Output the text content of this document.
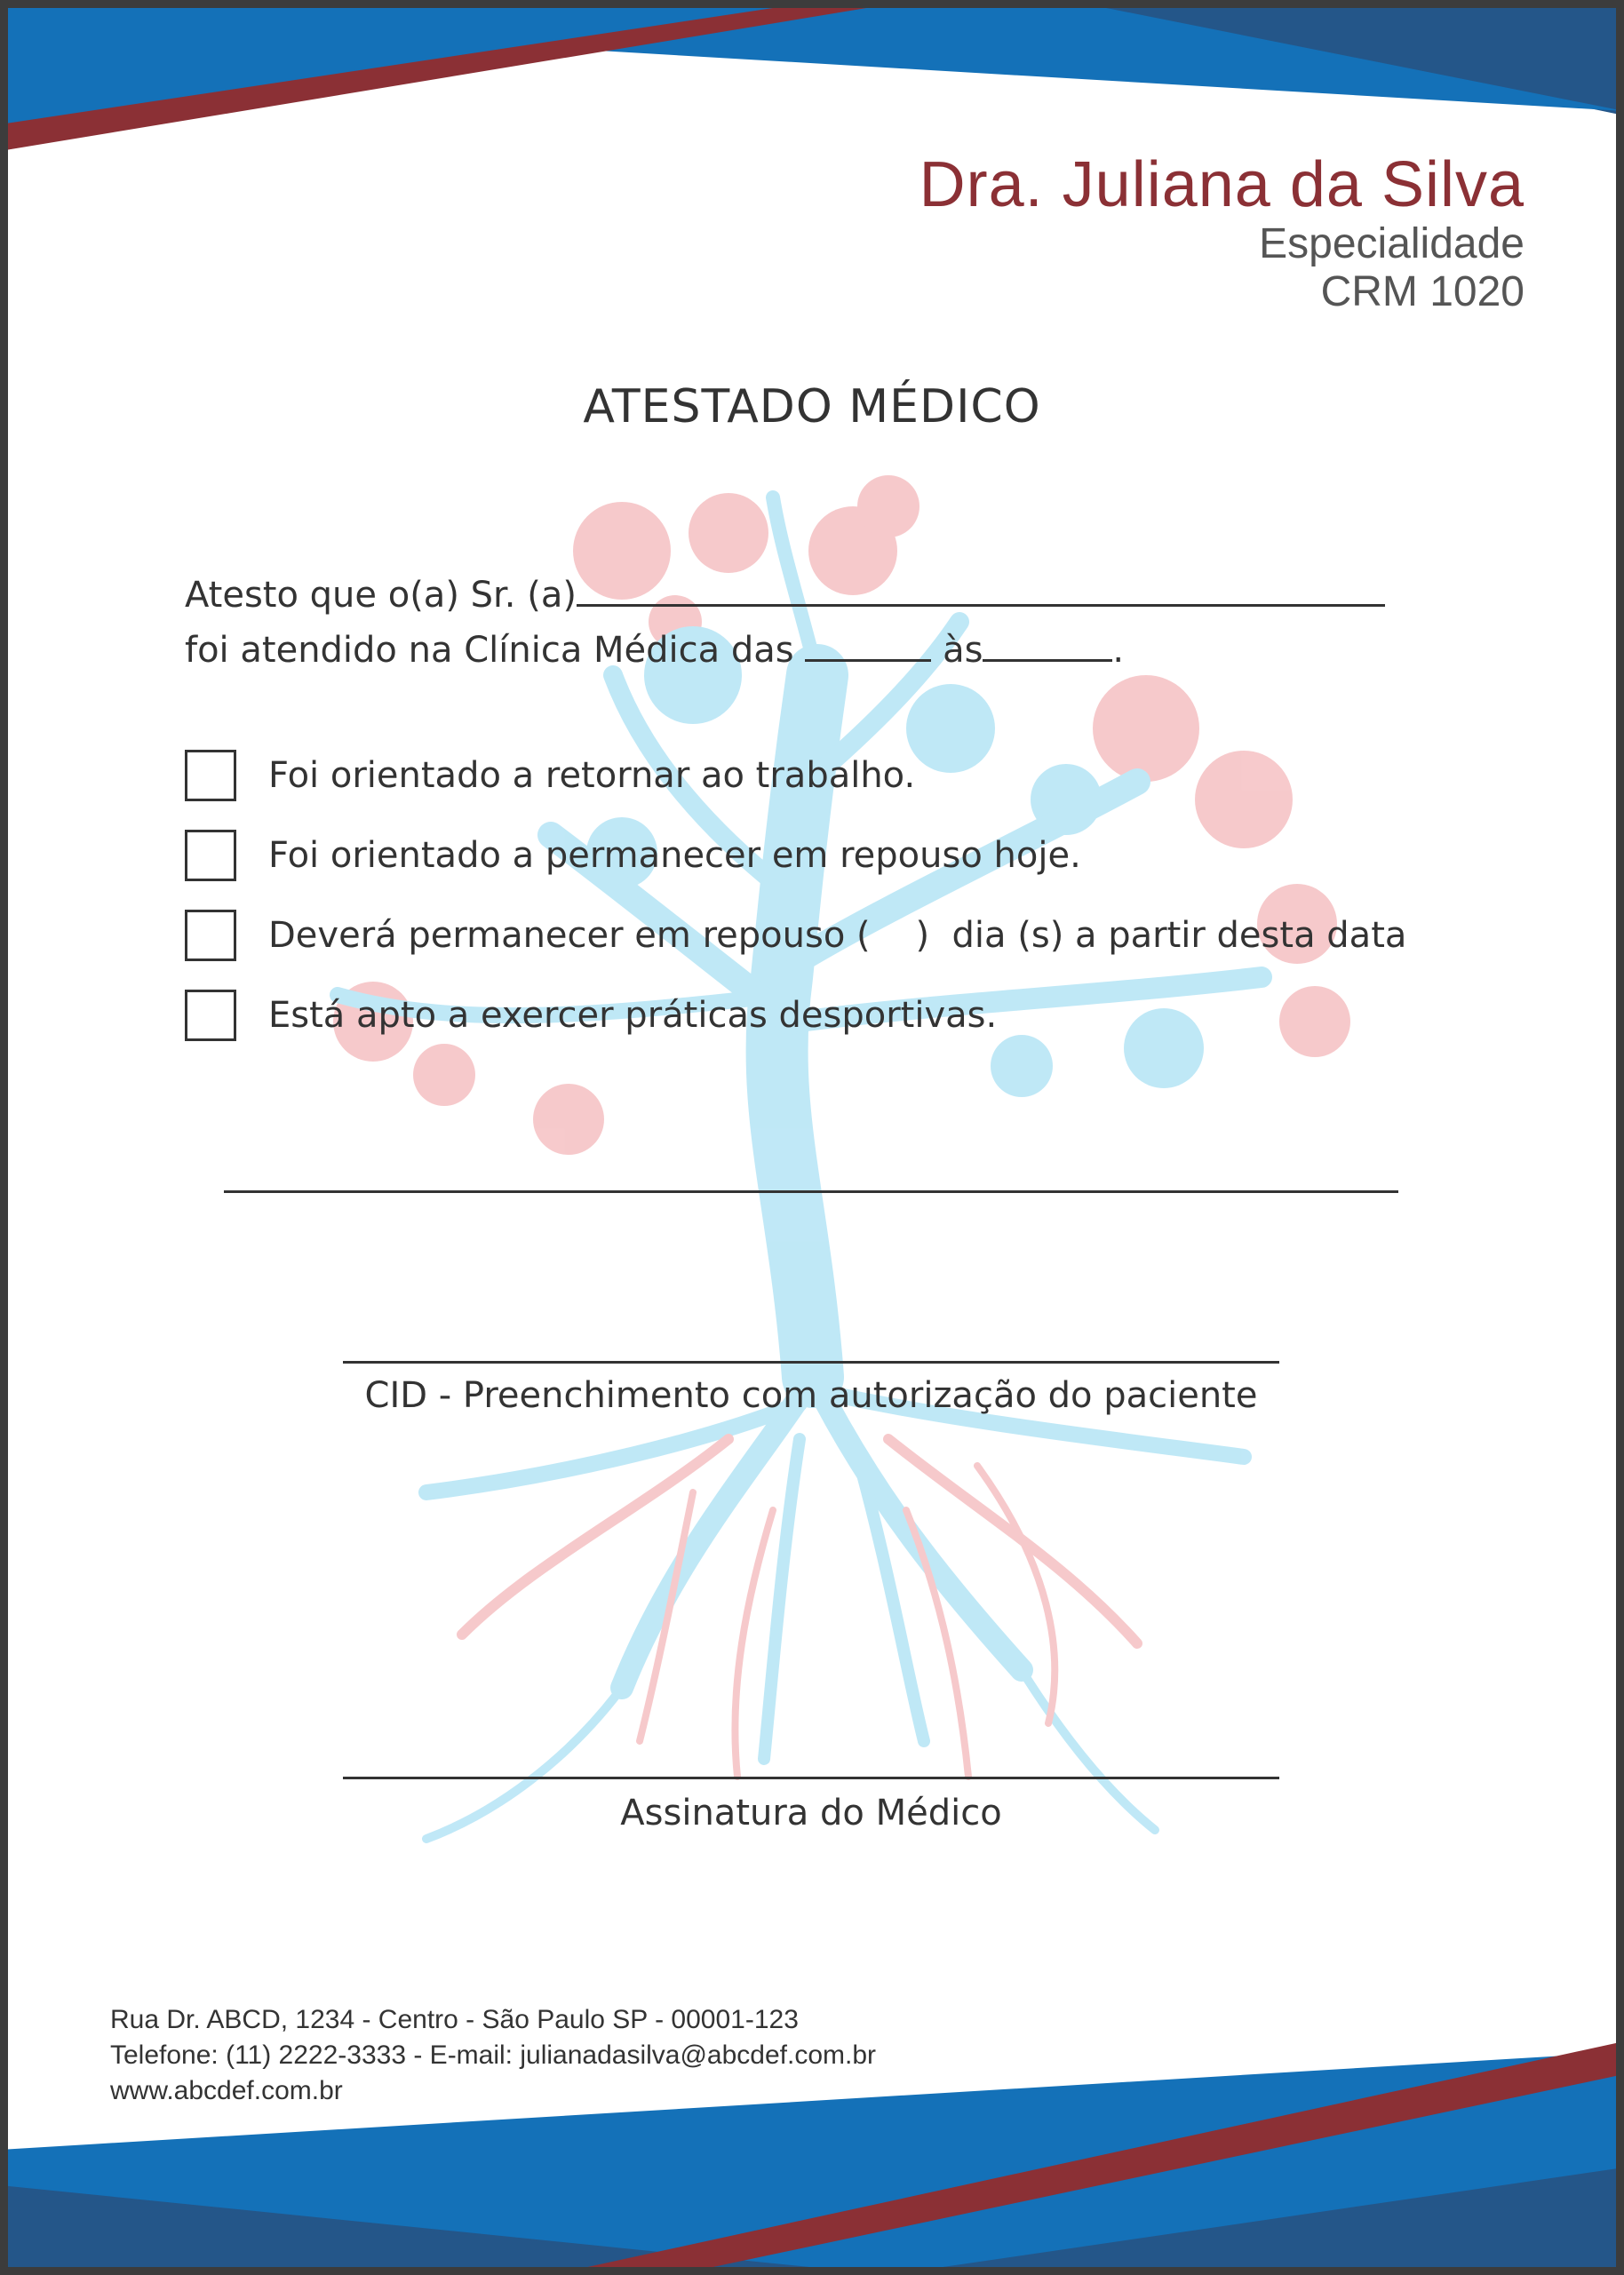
Dra. Juliana da Silva
Especialidade
CRM 1020
ATESTADO MÉDICO
Atesto que o(a) Sr. (a)
foi atendido na Clínica Médica das	às	.
Foi orientado a retornar ao trabalho.
Foi orientado a permanecer em repouso hoje.
Deverá permanecer em repouso (    )  dia (s) a partir desta data
Está apto a exercer práticas desportivas.
CID - Preenchimento com autorização do paciente
Assinatura do Médico
Rua Dr. ABCD, 1234 - Centro - São Paulo SP - 00001-123
Telefone: (11) 2222-3333 - E-mail: julianadasilva@abcdef.com.br
www.abcdef.com.br
